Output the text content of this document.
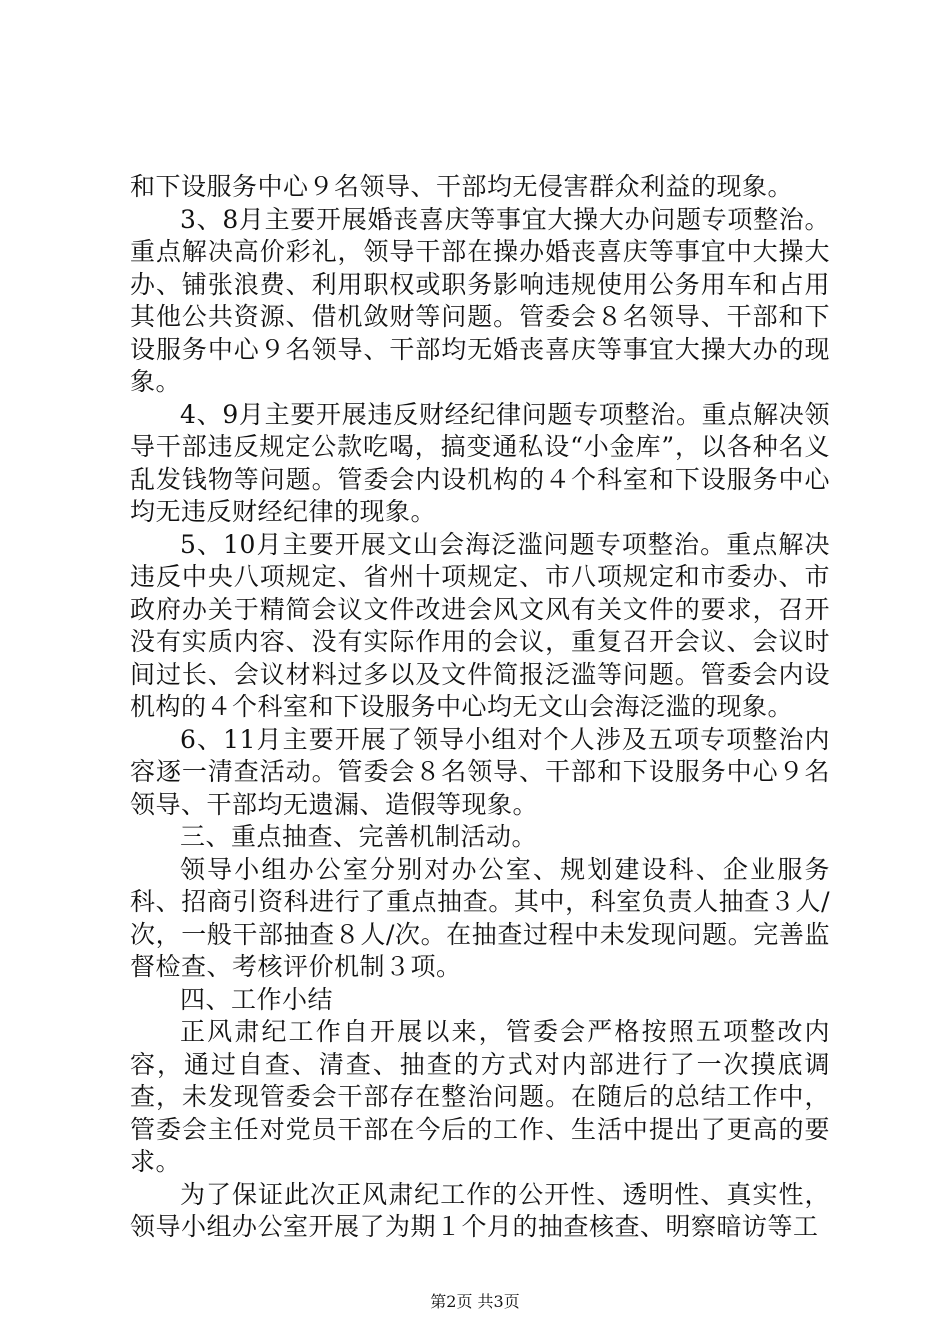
和下设服务中心９名领导、干部均无侵害群众利益的现象。

3、8月主要开展婚丧喜庆等事宜大操大办问题专项整治。重点解决高价彩礼，领导干部在操办婚丧喜庆等事宜中大操大办、铺张浪费、利用职权或职务影响违规使用公务用车和占用其他公共资源、借机敛财等问题。管委会８名领导、干部和下设服务中心９名领导、干部均无婚丧喜庆等事宜大操大办的现象。

4、9月主要开展违反财经纪律问题专项整治。重点解决领导干部违反规定公款吃喝，搞变通私设“小金库”，以各种名义乱发钱物等问题。管委会内设机构的４个科室和下设服务中心均无违反财经纪律的现象。

5、10月主要开展文山会海泛滥问题专项整治。重点解决违反中央八项规定、省州十项规定、市八项规定和市委办、市政府办关于精简会议文件改进会风文风有关文件的要求，召开没有实质内容、没有实际作用的会议，重复召开会议、会议时间过长、会议材料过多以及文件简报泛滥等问题。管委会内设机构的４个科室和下设服务中心均无文山会海泛滥的现象。

6、11月主要开展了领导小组对个人涉及五项专项整治内容逐一清查活动。管委会８名领导、干部和下设服务中心９名领导、干部均无遗漏、造假等现象。

三、重点抽查、完善机制活动。

领导小组办公室分别对办公室、规划建设科、企业服务科、招商引资科进行了重点抽查。其中，科室负责人抽查３人/次，一般干部抽查８人/次。在抽查过程中未发现问题。完善监督检查、考核评价机制３项。

四、工作小结

正风肃纪工作自开展以来，管委会严格按照五项整改内容，通过自查、清查、抽查的方式对内部进行了一次摸底调查，未发现管委会干部存在整治问题。在随后的总结工作中，管委会主任对党员干部在今后的工作、生活中提出了更高的要求。

为了保证此次正风肃纪工作的公开性、透明性、真实性，领导小组办公室开展了为期１个月的抽查核查、明察暗访等工

第2页 共3页
